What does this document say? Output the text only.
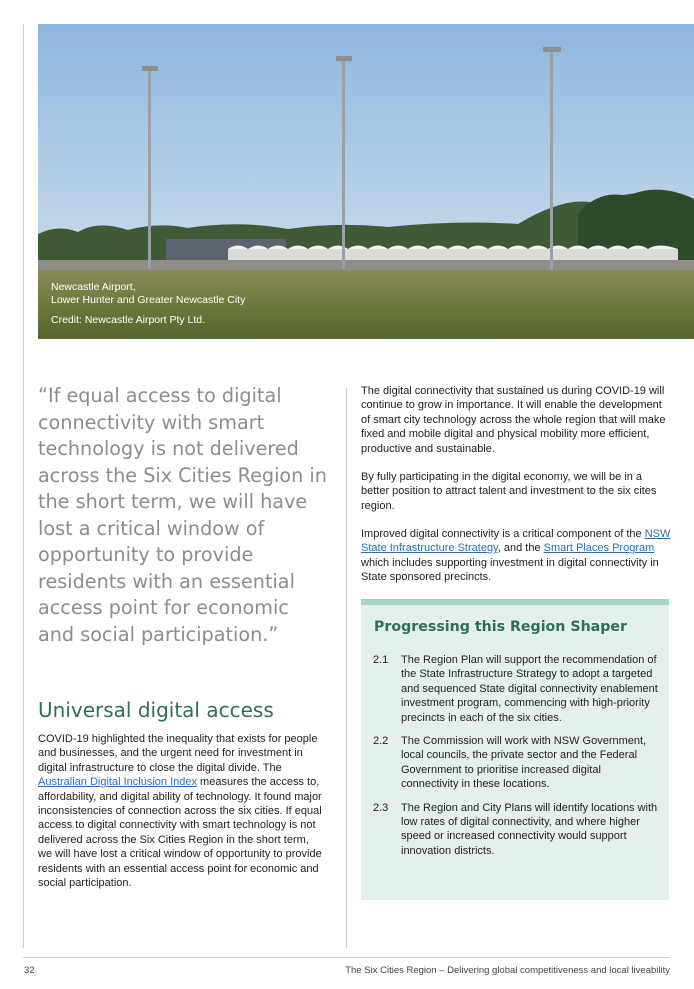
Newcastle Airport,
Lower Hunter and Greater Newcastle City
Credit: Newcastle Airport Pty Ltd.

“If equal access to digital connectivity with smart technology is not delivered across the Six Cities Region in the short term, we will have lost a critical window of opportunity to provide residents with an essential access point for economic and social participation.”

Universal digital access

COVID-19 highlighted the inequality that exists for people and businesses, and the urgent need for investment in digital infrastructure to close the digital divide. The Australian Digital Inclusion Index measures the access to, affordability, and digital ability of technology. It found major inconsistencies of connection across the six cities. If equal access to digital connectivity with smart technology is not delivered across the Six Cities Region in the short term, we will have lost a critical window of opportunity to provide residents with an essential access point for economic and social participation.

The digital connectivity that sustained us during COVID-19 will continue to grow in importance. It will enable the development of smart city technology across the whole region that will make fixed and mobile digital and physical mobility more efficient, productive and sustainable.

By fully participating in the digital economy, we will be in a better position to attract talent and investment to the six cites region.

Improved digital connectivity is a critical component of the NSW State Infrastructure Strategy, and the Smart Places Program which includes supporting investment in digital connectivity in State sponsored precincts.

Progressing this Region Shaper
2.1	The Region Plan will support the recommendation of the State Infrastructure Strategy to adopt a targeted and sequenced State digital connectivity enablement investment program, commencing with high-priority precincts in each of the six cities.
2.2	The Commission will work with NSW Government, local councils, the private sector and the Federal Government to prioritise increased digital connectivity in these locations.
2.3	The Region and City Plans will identify locations with low rates of digital connectivity, and where higher speed or increased connectivity would support innovation districts.
32	The Six Cities Region – Delivering global competitiveness and local liveability
